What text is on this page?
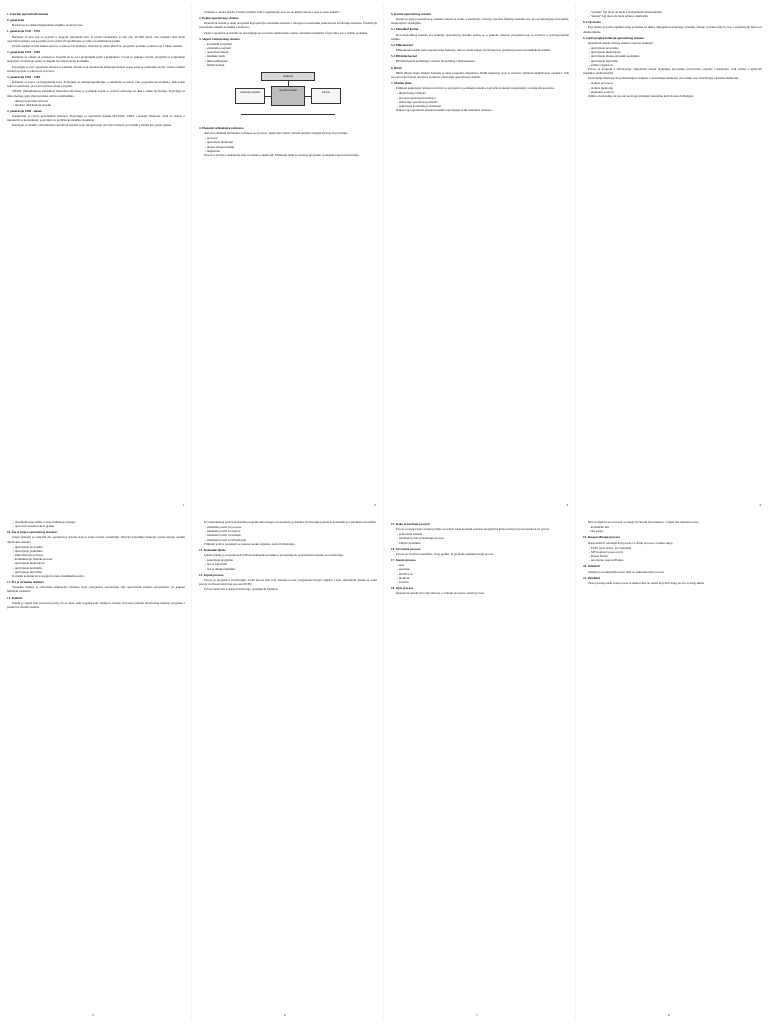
1. Istorijat operativnih sistema
0. generacija
Baziran je na elektromagnetskim relejima. Konrad Cuse.
1. generacija 1945 - 1955
Računari su prvi put se pojavili u drugom svjetskom ratu. U prvim računarima je bilo oko 20 000 cijevi. Ovi računari nisu imali operativni sistem i rad na njima je bio ručni. Programiranje se vršilo na mašinskom jeziku.
Ulazni uređaji su bile bušene kartice, a izlaz je bio štampač. Operater je ručno ubacivao program i podatke, pokretao ga i čekao rezultat.
2. generacija 1955 - 1965
Računari su rađeni od tranzistora. Pojavili su se prvi programski jezici i kompajleri. Uvodi se paketna obrada, programi se pripremaju unaprijed i izvršavaju jedan za drugim bez intervencije korisnika.
Pojavljuju se prvi operativni sistemi za paketnu obradu, koji automatski učitavaju sledeći posao kada se prethodni završi. Ulazno-izlazni uređaji su spori u odnosu na procesor.
3. generacija 1965 - 1980
Računari se prave od integrisanih kola. Pojavljuje se multiprogramiranje, u memoriji se nalazi više programa istovremeno. Dok jedan čeka na ulaz/izlaz, procesor izvršava drugi program.
SPOOL (Simultaneous Peripheral Operation On Line) je postupak kojim se poslovi učitavaju na disk i odatle izvršavaju. Pojavljuje se time-sharing, gdje više korisnika radi na terminalima.
- mikroprocesorski računari
- mrežni i distribuirani sistemi
4. generacija 1980 - danas
Karakteriše je razvoj personalnih računara. Pojavljuju se operativni sistemi MS-DOS, UNIX i kasnije Windows. Vodi se računa o interakciji sa korisnikom, pojavljuju se grafička korisnička okruženja.
Razvijaju se mrežni i distribuirani operativni sistemi, koji omogućavaju rad više računara povezanih u mrežu kao jedne cjeline.
1
računara u okviru mreže. Postoje različiti oblici organizacije, kao što su klijent-server i peer-to-peer sistemi.
2. Pojam operativnog sistema
Operativni sistem je skup programa koji upravlja resursima računara i omogućava korisniku jednostavno korišćenje računara. Predstavlja posrednika između korisnika i hardvera.
Zadaci operativnog sistema su upravljanje procesorom, memorijom, ulazno-izlaznim uređajima i fajlovima, kao i zaštita podataka.
3. Slojevi računarskog sistema
- korisnički programi
- sistemski programi
- operativni sistem
- mašinski jezik
- mikroarhitektura
- fizički uređaji
aplikacije
sistemski programi
operativni sistem
hardver
4. Elementi arhitekture računara
Osnovni elementi arhitekture računara su procesor, memorija, ulazno-izlazni uređaji i magistrale koje ih povezuju.
- procesor
- operativna memorija
- ulazno-izlazni uređaji
- magistrale
Procesor izvršava instrukcije koje se nalaze u memoriji. Memorija služi za čuvanje programa i podataka tokom izvršavanja.
2
5. Kernel operativnog sistema
Kernel je jezgro operativnog sistema. Nalazi se stalno u memoriji i obavlja osnovne funkcije sistema, kao što su upravljanje procesima, memorijom i uređajima.
5.1 Monolitni kernel
Kod monolitnog kernela sve funkcije operativnog sistema nalaze se u jednom velikom programu koji se izvršava u privilegovanom režimu.
5.2 Mikrokernel
Mikrokernel sadrži samo najosnovnije funkcije, dok se ostale usluge izvršavaju kao posebni procesi u korisničkom režimu.
5.3 Hibridni kernel
Hibridni kernel kombinuje osobine monolitnog i mikrokernela.
6. BIOS
BIOS (Basic Input Output System) je skup programa smješten u ROM memoriji, koji se izvršava prilikom uključivanja računara. Vrši provjeru ispravnosti hardvera i pokreće učitavanje operativnog sistema.
7. Mašine plaže
Prilikom pokretanja računara izvršava se program za podizanje sistema, koji učitava kernel u memoriju i predaje mu kontrolu.
- uključivanje računara
- provjera ispravnosti hardvera
- učitavanje operativnog sistema
- pokretanje korisničkog okruženja
Nakon toga operativni sistem preuzima upravljanje svim resursima računara.
3
- "system" fajl mora da bude u korijenskom direktorijumu
- "kernel" fajl mora da bude učitan u memoriju
8. Fajl sistem
Fajl sistem je način organizovanja podataka na disku. Omogućava kreiranje, brisanje, čitanje i pisanje fajlova, kao i organizaciju fajlova u direktorijume.
9. Opšti pregled funkcija operativnog sistema
Operativni sistem obavlja sledeće osnovne funkcije:
- upravljanje procesima
- upravljanje memorijom
- upravljanje ulazno-izlaznim uređajima
- upravljanje fajlovima
- zaštita i sigurnost
Proces je program u izvršavanju. Operativni sistem dodjeljuje procesima procesorsko vrijeme i memoriju, vodi računa o njihovim stanjima i sinhronizaciji.
Upravljanje memorijom podrazumijeva dodjelu i oslobađanje memorije procesima, kao i korišćenje virtuelne memorije.
- dodjela procesora
- dodjela memorije
- planiranje poslova
Zaštita obezbjeđuje da procesi ne mogu pristupiti resursima koji im nisu dodijeljeni.
4
- obezbjeđivanje zaštite od neovlašćenog pristupa
- oporavak sistema nakon greške
10. Šta je jezgro operativnog sistema?
Jezgro (kernel) je centralni dio operativnog sistema koji se stalno nalazi u memoriji. Obavlja najvažnije funkcije i pruža usluge ostalim dijelovima sistema.
- upravljanje procesima
- upravljanje prekidima
- sinhronizacija procesa
- komunikacija između procesa
- upravljanje memorijom
- upravljanje uređajima
- upravljanje fajlovima
Korisnik komunicira sa jezgrom preko sistemskih poziva.
11. Šta je virtuelna mašina?
Virtuelna mašina je softverska simulacija računara, koja omogućava izvršavanje više operativnih sistema istovremeno na jednom fizičkom računaru.
12. Prekidi
Prekid je signal koji procesoru javlja da se desio neki događaj koji zahtijeva obradu. Procesor prekida izvršavanje tekućeg programa i prelazi na obradu prekida.
5
Kod sistemskog poziva korisnički program traži uslugu od operativnog sistema. Izvršavanje prelazi iz korisničkog u privilegovani režim.
- sistemski pozivi za procese
- sistemski pozivi za fajlove
- sistemski pozivi za uređaje
- sistemski pozivi za informacije
Prilikom poziva parametri se prenose preko registara, steka ili memorije.
13. Komande ljuske
Ljuska (shell) je program koji prihvata komande korisnika i prosljeđuje ih operativnom sistemu na izvršavanje.
- pokretanje programa
- rad sa fajlovima
- rad sa direktorijumima
14. Pojam procesa
Proces je program u izvršavanju. Svaki proces ima svoj adresni prostor, programski brojač, registre i stek. Operativni sistem za svaki proces vodi kontrolni blok procesa (PCB).
Proces može biti u stanju izvršavanja, spreman ili blokiran.
6
15. Kako se kreiraju procesi?
Proces se kreira kada sistem počinje sa radom, kada korisnik pokrene program ili kada postojeći proces kreira novi proces.
- pokretanje sistema
- sistemski poziv za kreiranje procesa
- zahtjev korisnika
16. Završetak procesa
Proces se završava normalno, zbog greške, ili ga može prekinuti drugi proces.
17. Stanja procesa
- novi
- spreman
- izvršava se
- blokiran
- završen
18. Opis procesa
Operativni sistem čuva informacije o svakom procesu u tabeli procesa.
7
Niti su dijelovi procesa koji se mogu izvršavati istovremeno, a dijele isti adresni prostor.
- korisničke niti
- niti jezgra
19. Raspoređivanje procesa
Raspoređivač određuje koji proces će dobiti procesor i koliko dugo.
- FCFS (prvi došao, prvi uslužen)
- SJF (najkraći posao prvi)
- Round Robin
- prioritetno raspoređivanje
20. Semafori
Semafor je promjenljiva koja služi za sinhronizaciju procesa.
21. Deadlock
Zastoj nastaje kada svaki proces iz skupa čeka na resurs koji drži drugi proces iz istog skupa.
8
